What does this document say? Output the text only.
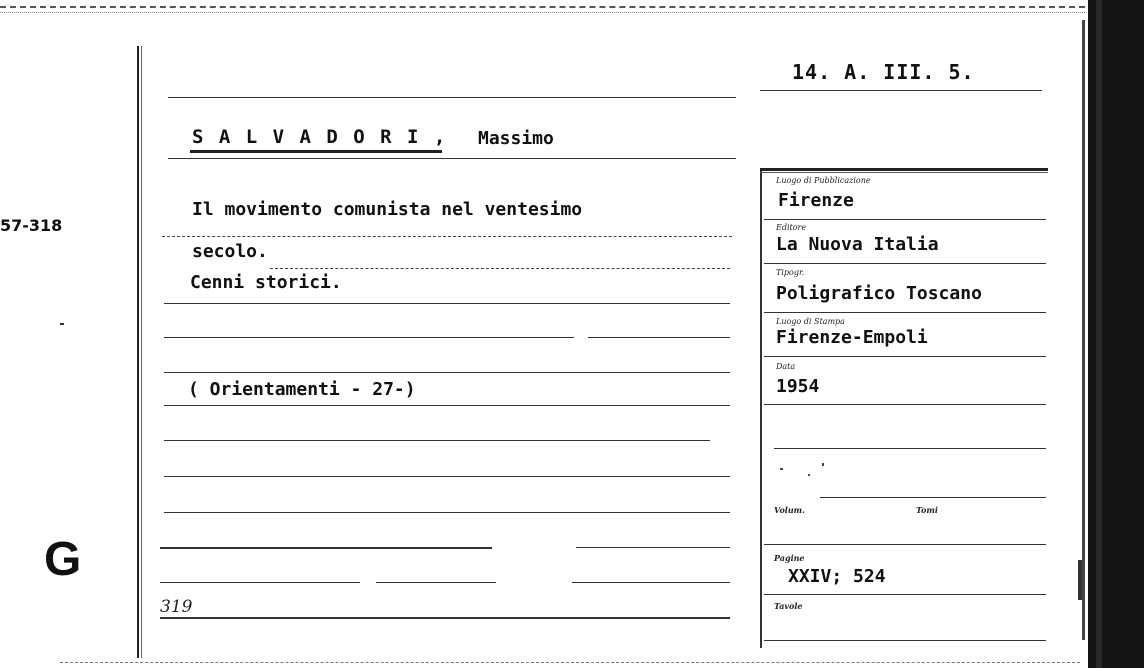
57-318
G
14. A. III. 5.
S A L V A D O R I , Massimo
Il movimento comunista nel ventesimo
secolo.
Cenni storici.
( Orientamenti - 27-)
319
Luogo di Pubblicazione
Firenze
Editore
La Nuova Italia
Tipogr.
Poligrafico Toscano
Luogo di Stampa
Firenze-Empoli
Data
1954
Volum.	Tomi
Pagine
XXIV; 524
Tavole
